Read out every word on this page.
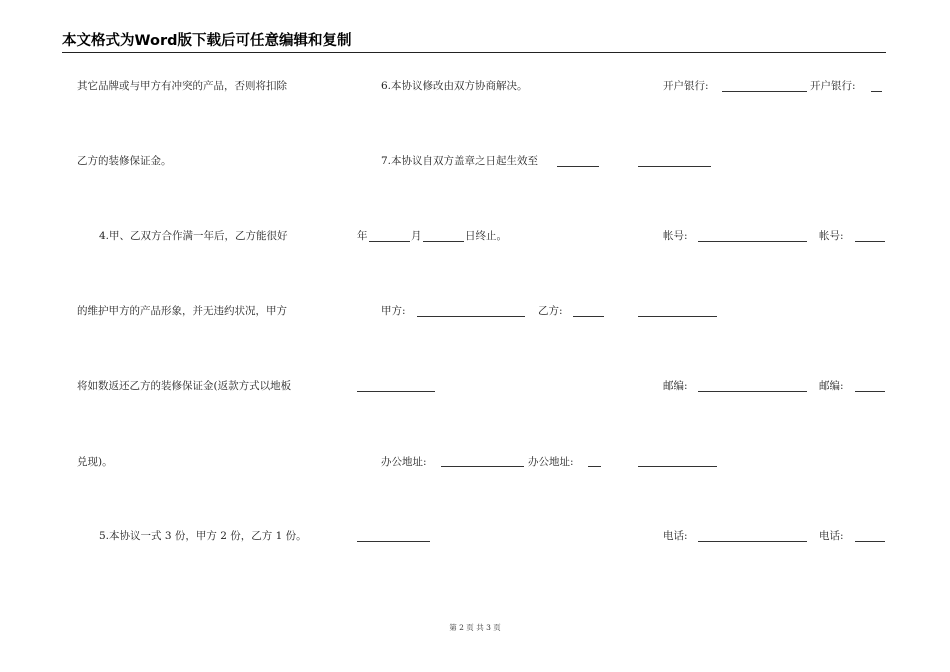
本文格式为Word版下载后可任意编辑和复制
其它品牌或与甲方有冲突的产品，否则将扣除
乙方的装修保证金。
4.甲、乙双方合作满一年后，乙方能很好
的维护甲方的产品形象，并无违约状况，甲方
将如数返还乙方的装修保证金(返款方式以地板
兑现)。
5.本协议一式 3 份，甲方 2 份，乙方 1 份。
6.本协议修改由双方协商解决。
7.本协议自双方盖章之日起生效至
年	月	日终止。
甲方:	乙方:
办公地址:	办公地址:
开户银行:	开户银行:
帐号:	帐号:
邮编:	邮编:
电话:	电话:
第 2 页 共 3 页
